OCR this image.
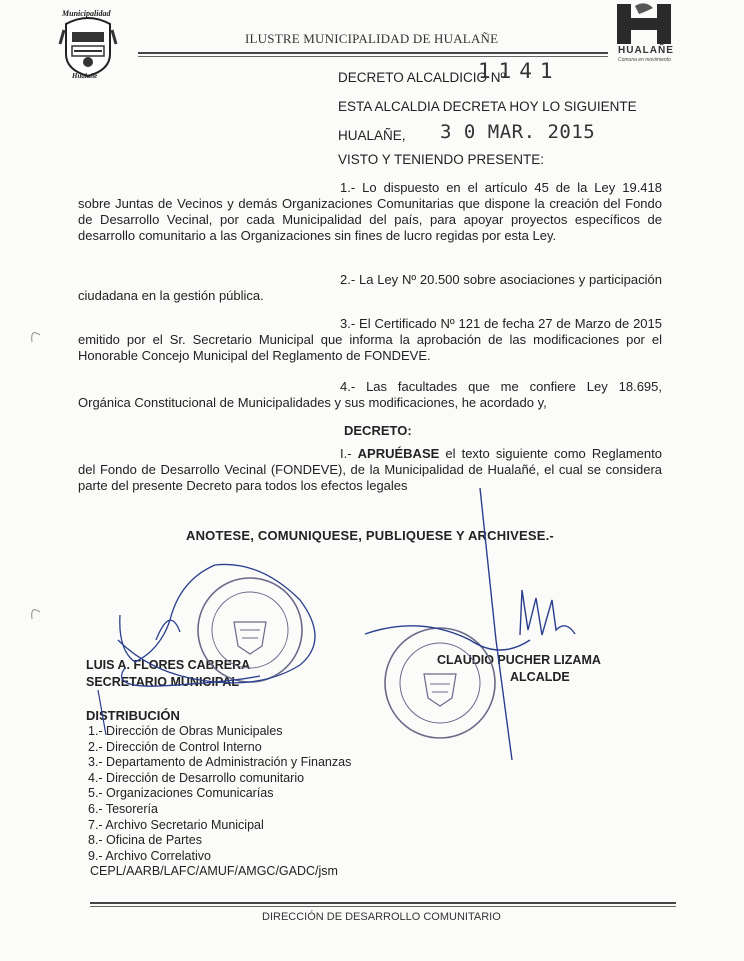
Municipalidad
Hualañé
ILUSTRE MUNICIPALIDAD DE HUALAÑE
HUALAÑE
Comuna en movimiento
DECRETO ALCALDICIO Nº
1141
ESTA ALCALDIA DECRETA HOY LO SIGUIENTE
HUALAÑE, 3 0 MAR. 2015
VISTO Y TENIENDO PRESENTE:
1.- Lo dispuesto en el artículo 45 de la Ley 19.418 sobre Juntas de Vecinos y demás Organizaciones Comunitarias que dispone la creación del Fondo de Desarrollo Vecinal, por cada Municipalidad del país, para apoyar proyectos específicos de desarrollo comunitario a las Organizaciones sin fines de lucro regidas por esta Ley.
2.- La Ley Nº 20.500 sobre asociaciones y participación ciudadana en la gestión pública.
3.- El Certificado Nº 121 de fecha 27 de Marzo de 2015 emitido por el Sr. Secretario Municipal que informa la aprobación de las modificaciones por el Honorable Concejo Municipal del Reglamento de FONDEVE.
4.- Las facultades que me confiere Ley 18.695, Orgánica Constitucional de Municipalidades y sus modificaciones, he acordado y,
DECRETO:
I.- APRUÉBASE el texto siguiente como Reglamento del Fondo de Desarrollo Vecinal (FONDEVE), de la Municipalidad de Hualañé, el cual se considera parte del presente Decreto para todos los efectos legales
ANOTESE, COMUNIQUESE, PUBLIQUESE Y ARCHIVESE.-
LUIS A. FLORES CABRERA
SECRETARIO MUNICIPAL
CLAUDIO PUCHER LIZAMA
ALCALDE
DISTRIBUCIÓN
1.- Dirección de Obras Municipales
2.- Dirección de Control Interno
3.- Departamento de Administración y Finanzas
4.- Dirección de Desarrollo comunitario
5.- Organizaciones Comunicarías
6.- Tesorería
7.- Archivo Secretario Municipal
8.- Oficina de Partes
9.- Archivo Correlativo
CEPL/AARB/LAFC/AMUF/AMGC/GADC/jsm
DIRECCIÓN DE DESARROLLO COMUNITARIO
